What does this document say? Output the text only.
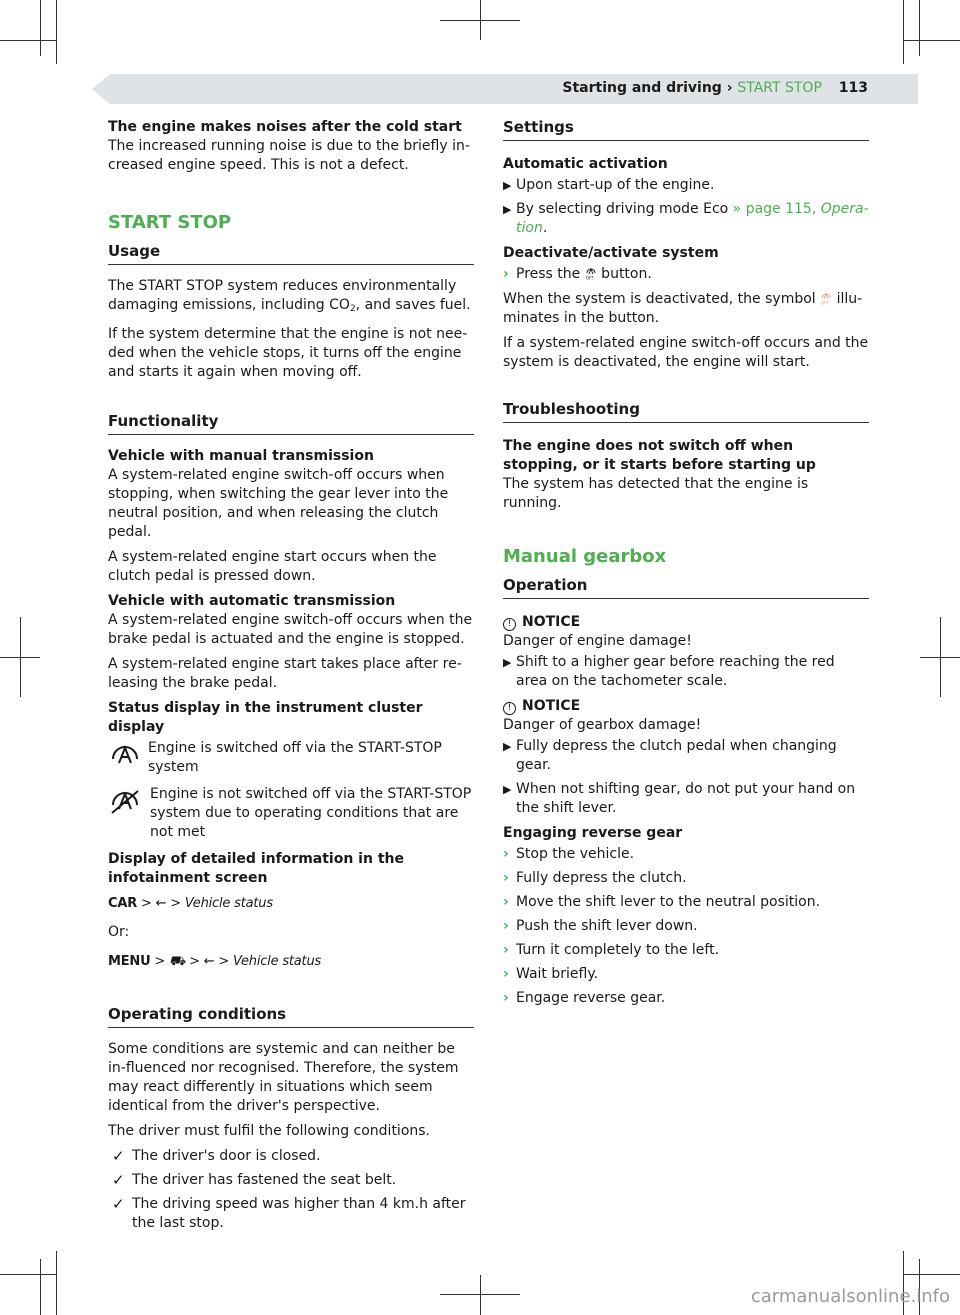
Starting and driving › START STOP 113

The engine makes noises after the cold start
The increased running noise is due to the briefly in-creased engine speed. This is not a defect.

START STOP
Usage

The START STOP system reduces environmentally damaging emissions, including $CO_2$, and saves fuel.

If the system determine that the engine is not nee-ded when the vehicle stops, it turns off the engine and starts it again when moving off.

Functionality

Vehicle with manual transmission
A system-related engine switch-off occurs when stopping, when switching the gear lever into the neutral position, and when releasing the clutch pedal.

A system-related engine start occurs when the clutch pedal is pressed down.

Vehicle with automatic transmission
A system-related engine switch-off occurs when the brake pedal is actuated and the engine is stopped.

A system-related engine start takes place after re-leasing the brake pedal.

Status display in the instrument cluster display

Engine is switched off via the START-STOP system
Engine is not switched off via the START-STOP system due to operating conditions that are not met

Display of detailed information in the infotainment screen

CAR > ⇜ > Vehicle status

Or:

MENU > ⛟ > ⇜ > Vehicle status
Operating conditions

Some conditions are systemic and can neither be in-fluenced nor recognised. Therefore, the system may react differently in situations which seem identical from the driver's perspective.

The driver must fulfil the following conditions.

✓ The driver's door is closed.
✓ The driver has fastened the seat belt.
✓ The driving speed was higher than 4 km.h after the last stop.
Settings

Automatic activation

▶ Upon start-up of the engine.
▶ By selecting driving mode Eco » page 115, Opera-tion.

Deactivate/activate system

› Press the OFF button.

When the system is deactivated, the symbol OFF illu-minates in the button.

If a system-related engine switch-off occurs and the system is deactivated, the engine will start.

Troubleshooting

The engine does not switch off when stopping, or it starts before starting up
The system has detected that the engine is running.

Manual gearbox
Operation

! NOTICE
Danger of engine damage!

▶ Shift to a higher gear before reaching the red area on the tachometer scale.

! NOTICE
Danger of gearbox damage!

▶ Fully depress the clutch pedal when changing gear.
▶ When not shifting gear, do not put your hand on the shift lever.

Engaging reverse gear

› Stop the vehicle.
› Fully depress the clutch.
› Move the shift lever to the neutral position.
› Push the shift lever down.
› Turn it completely to the left.
› Wait briefly.
› Engage reverse gear.
carmanualsonline.info
